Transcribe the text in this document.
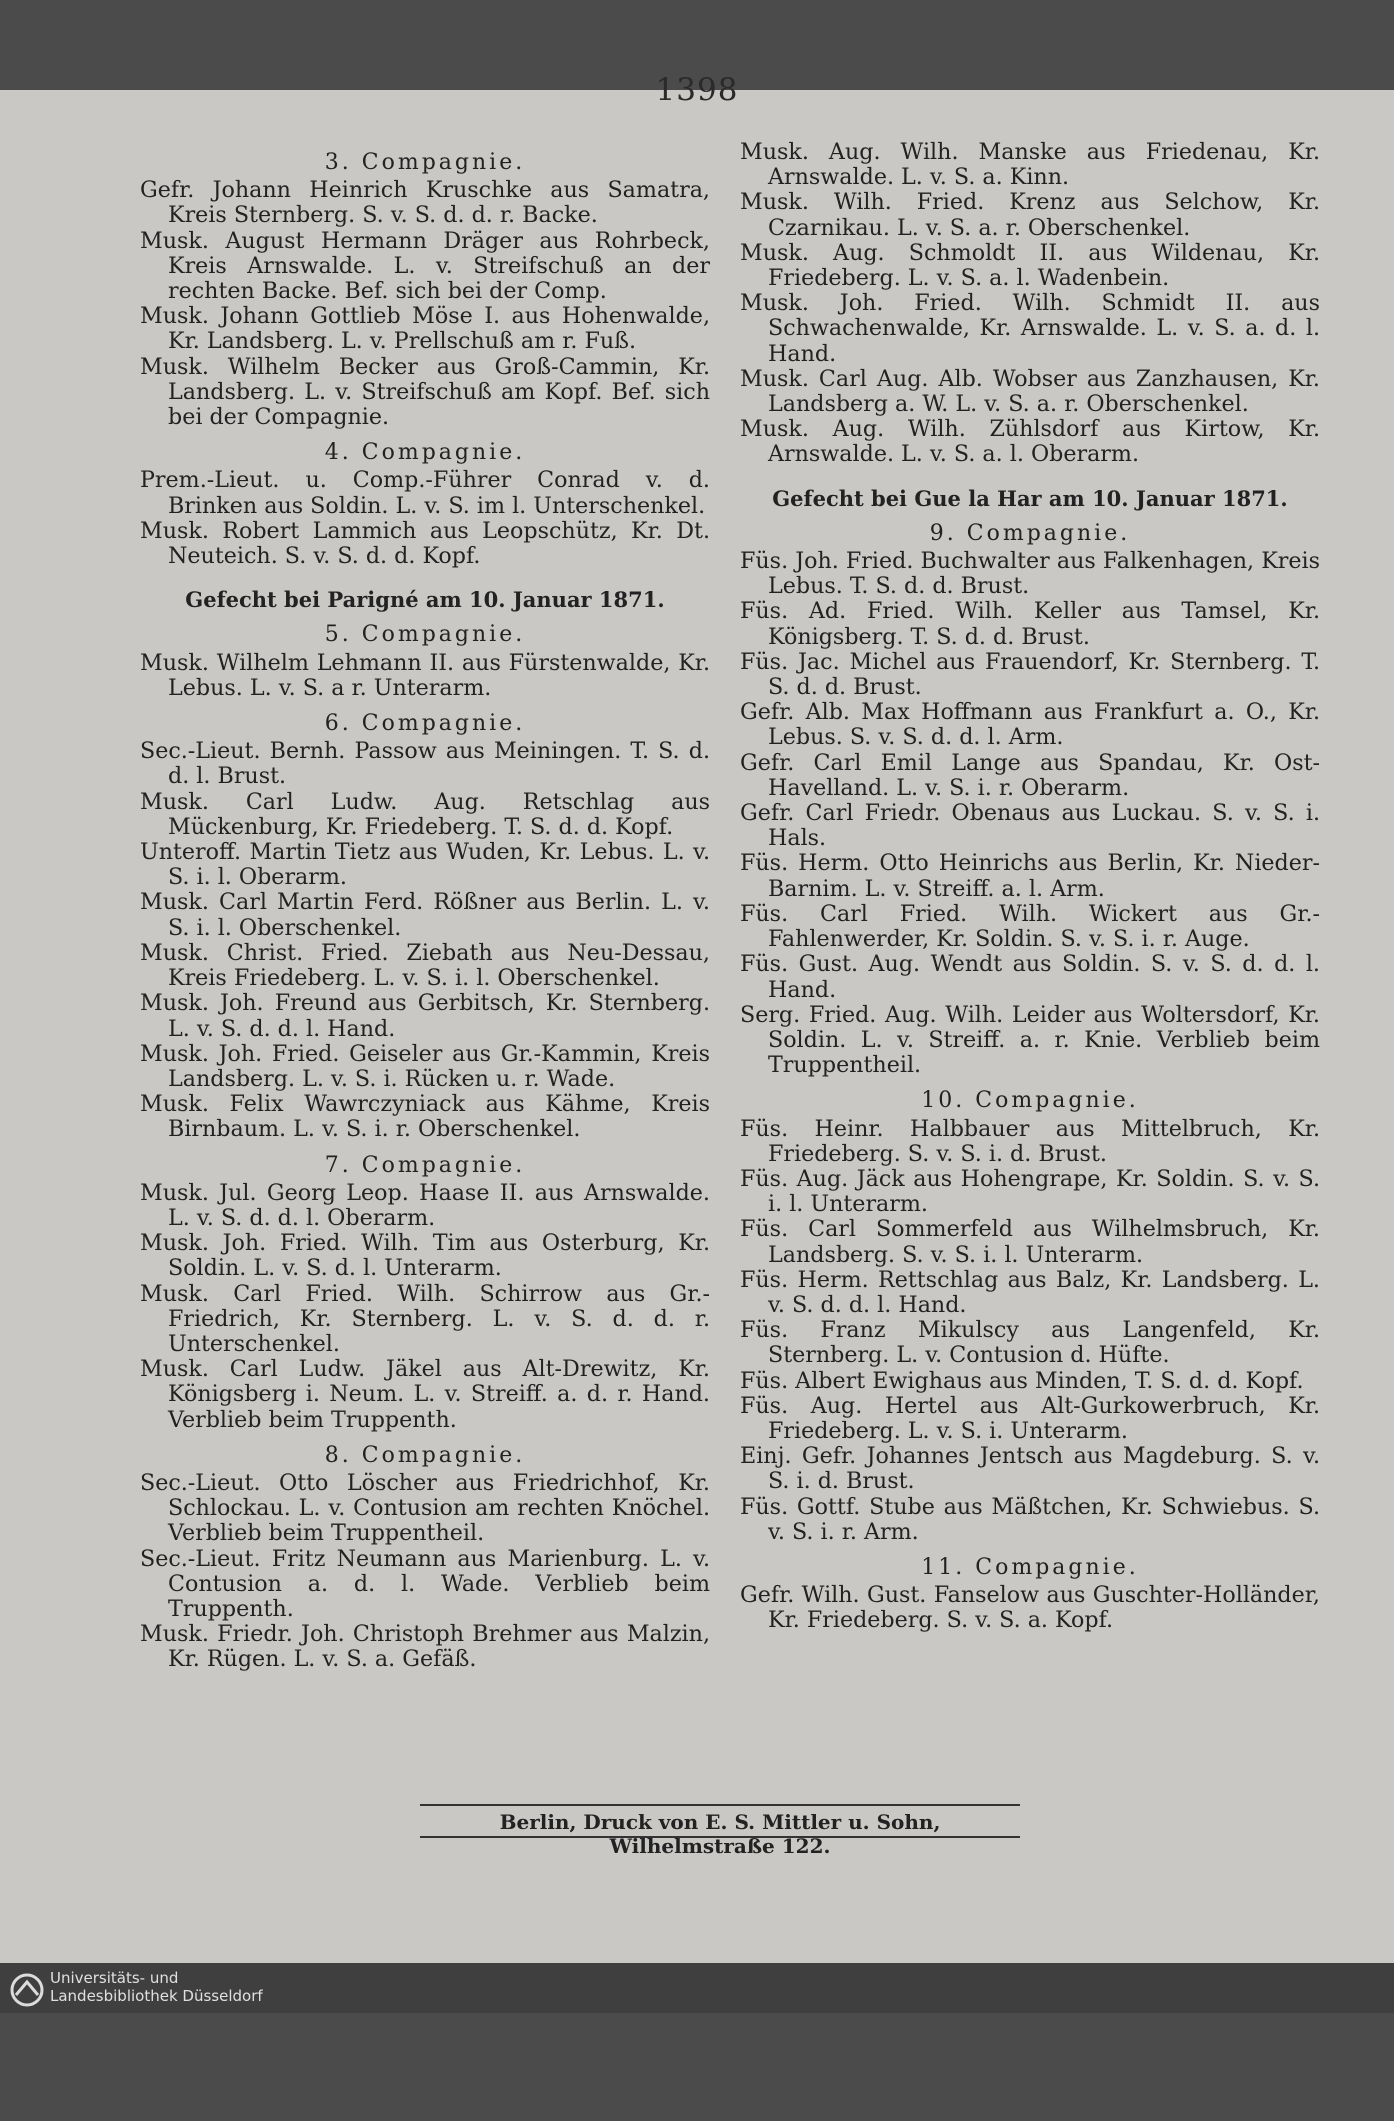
1398

3. Compagnie.

Gefr. Johann Heinrich Kruschke aus Samatra, Kreis Sternberg. S. v. S. d. d. r. Backe.

Musk. August Hermann Dräger aus Rohrbeck, Kreis Arnswalde. L. v. Streifschuß an der rechten Backe. Bef. sich bei der Comp.

Musk. Johann Gottlieb Möse I. aus Hohenwalde, Kr. Landsberg. L. v. Prellschuß am r. Fuß.

Musk. Wilhelm Becker aus Groß-Cammin, Kr. Landsberg. L. v. Streifschuß am Kopf. Bef. sich bei der Compagnie.

4. Compagnie.

Prem.-Lieut. u. Comp.-Führer Conrad v. d. Brinken aus Soldin. L. v. S. im l. Unterschenkel.

Musk. Robert Lammich aus Leopschütz, Kr. Dt. Neuteich. S. v. S. d. d. Kopf.

Gefecht bei Parigné am 10. Januar 1871.

5. Compagnie.

Musk. Wilhelm Lehmann II. aus Fürstenwalde, Kr. Lebus. L. v. S. a r. Unterarm.

6. Compagnie.

Sec.-Lieut. Bernh. Passow aus Meiningen. T. S. d. d. l. Brust.

Musk. Carl Ludw. Aug. Retschlag aus Mückenburg, Kr. Friedeberg. T. S. d. d. Kopf.

Unteroff. Martin Tietz aus Wuden, Kr. Lebus. L. v. S. i. l. Oberarm.

Musk. Carl Martin Ferd. Rößner aus Berlin. L. v. S. i. l. Oberschenkel.

Musk. Christ. Fried. Ziebath aus Neu-Dessau, Kreis Friedeberg. L. v. S. i. l. Oberschenkel.

Musk. Joh. Freund aus Gerbitsch, Kr. Sternberg. L. v. S. d. d. l. Hand.

Musk. Joh. Fried. Geiseler aus Gr.-Kammin, Kreis Landsberg. L. v. S. i. Rücken u. r. Wade.

Musk. Felix Wawrczyniack aus Kähme, Kreis Birnbaum. L. v. S. i. r. Oberschenkel.

7. Compagnie.

Musk. Jul. Georg Leop. Haase II. aus Arnswalde. L. v. S. d. d. l. Oberarm.

Musk. Joh. Fried. Wilh. Tim aus Osterburg, Kr. Soldin. L. v. S. d. l. Unterarm.

Musk. Carl Fried. Wilh. Schirrow aus Gr.-Friedrich, Kr. Sternberg. L. v. S. d. d. r. Unterschenkel.

Musk. Carl Ludw. Jäkel aus Alt-Drewitz, Kr. Königsberg i. Neum. L. v. Streiff. a. d. r. Hand. Verblieb beim Truppenth.

8. Compagnie.

Sec.-Lieut. Otto Löscher aus Friedrichhof, Kr. Schlockau. L. v. Contusion am rechten Knöchel. Verblieb beim Truppentheil.

Sec.-Lieut. Fritz Neumann aus Marienburg. L. v. Contusion a. d. l. Wade. Verblieb beim Truppenth.

Musk. Friedr. Joh. Christoph Brehmer aus Malzin, Kr. Rügen. L. v. S. a. Gefäß.

Musk. Aug. Wilh. Manske aus Friedenau, Kr. Arnswalde. L. v. S. a. Kinn.

Musk. Wilh. Fried. Krenz aus Selchow, Kr. Czarnikau. L. v. S. a. r. Oberschenkel.

Musk. Aug. Schmoldt II. aus Wildenau, Kr. Friedeberg. L. v. S. a. l. Wadenbein.

Musk. Joh. Fried. Wilh. Schmidt II. aus Schwachenwalde, Kr. Arnswalde. L. v. S. a. d. l. Hand.

Musk. Carl Aug. Alb. Wobser aus Zanzhausen, Kr. Landsberg a. W. L. v. S. a. r. Oberschenkel.

Musk. Aug. Wilh. Zühlsdorf aus Kirtow, Kr. Arnswalde. L. v. S. a. l. Oberarm.

Gefecht bei Gue la Har am 10. Januar 1871.

9. Compagnie.

Füs. Joh. Fried. Buchwalter aus Falkenhagen, Kreis Lebus. T. S. d. d. Brust.

Füs. Ad. Fried. Wilh. Keller aus Tamsel, Kr. Königsberg. T. S. d. d. Brust.

Füs. Jac. Michel aus Frauendorf, Kr. Sternberg. T. S. d. d. Brust.

Gefr. Alb. Max Hoffmann aus Frankfurt a. O., Kr. Lebus. S. v. S. d. d. l. Arm.

Gefr. Carl Emil Lange aus Spandau, Kr. Ost-Havelland. L. v. S. i. r. Oberarm.

Gefr. Carl Friedr. Obenaus aus Luckau. S. v. S. i. Hals.

Füs. Herm. Otto Heinrichs aus Berlin, Kr. Nieder-Barnim. L. v. Streiff. a. l. Arm.

Füs. Carl Fried. Wilh. Wickert aus Gr.-Fahlenwerder, Kr. Soldin. S. v. S. i. r. Auge.

Füs. Gust. Aug. Wendt aus Soldin. S. v. S. d. d. l. Hand.

Serg. Fried. Aug. Wilh. Leider aus Woltersdorf, Kr. Soldin. L. v. Streiff. a. r. Knie. Verblieb beim Truppentheil.

10. Compagnie.

Füs. Heinr. Halbbauer aus Mittelbruch, Kr. Friedeberg. S. v. S. i. d. Brust.

Füs. Aug. Jäck aus Hohengrape, Kr. Soldin. S. v. S. i. l. Unterarm.

Füs. Carl Sommerfeld aus Wilhelmsbruch, Kr. Landsberg. S. v. S. i. l. Unterarm.

Füs. Herm. Rettschlag aus Balz, Kr. Landsberg. L. v. S. d. d. l. Hand.

Füs. Franz Mikulscy aus Langenfeld, Kr. Sternberg. L. v. Contusion d. Hüfte.

Füs. Albert Ewighaus aus Minden, T. S. d. d. Kopf.

Füs. Aug. Hertel aus Alt-Gurkowerbruch, Kr. Friedeberg. L. v. S. i. Unterarm.

Einj. Gefr. Johannes Jentsch aus Magdeburg. S. v. S. i. d. Brust.

Füs. Gottf. Stube aus Mäßtchen, Kr. Schwiebus. S. v. S. i. r. Arm.

11. Compagnie.

Gefr. Wilh. Gust. Fanselow aus Guschter-Holländer, Kr. Friedeberg. S. v. S. a. Kopf.

Berlin, Druck von E. S. Mittler u. Sohn, Wilhelmstraße 122.
Universitäts- und
Landesbibliothek Düsseldorf
